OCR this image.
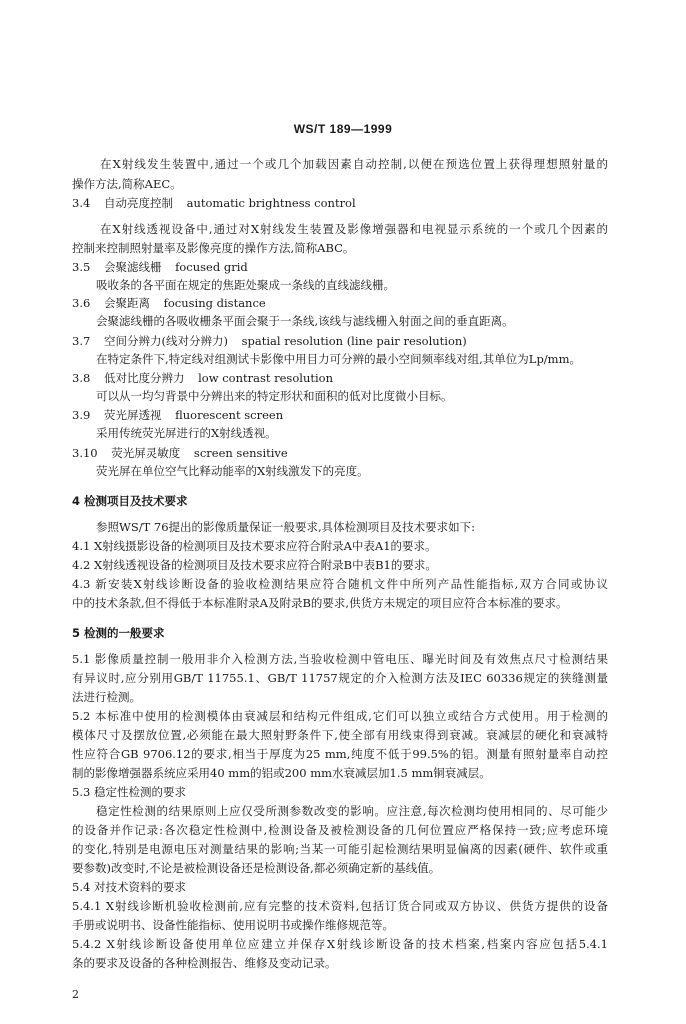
WS/T 189—1999
在X射线发生装置中,通过一个或几个加载因素自动控制,以便在预选位置上获得理想照射量的
操作方法,简称AEC。
3.4 自动亮度控制 automatic brightness control
在X射线透视设备中,通过对X射线发生装置及影像增强器和电视显示系统的一个或几个因素的
控制来控制照射量率及影像亮度的操作方法,简称ABC。
3.5 会聚滤线栅 focused grid
吸收条的各平面在规定的焦距处聚成一条线的直线滤线栅。
3.6 会聚距离 focusing distance
会聚滤线栅的各吸收栅条平面会聚于一条线,该线与滤线栅入射面之间的垂直距离。
3.7 空间分辨力(线对分辨力) spatial resolution (line pair resolution)
在特定条件下,特定线对组测试卡影像中用目力可分辨的最小空间频率线对组,其单位为Lp/mm。
3.8 低对比度分辨力 low contrast resolution
可以从一均匀背景中分辨出来的特定形状和面积的低对比度微小目标。
3.9 荧光屏透视 fluorescent screen
采用传统荧光屏进行的X射线透视。
3.10 荧光屏灵敏度 screen sensitive
荧光屏在单位空气比释动能率的X射线激发下的亮度。
4 检测项目及技术要求
参照WS/T 76提出的影像质量保证一般要求,具体检测项目及技术要求如下:
4.1 X射线摄影设备的检测项目及技术要求应符合附录A中表A1的要求。
4.2 X射线透视设备的检测项目及技术要求应符合附录B中表B1的要求。
4.3 新安装X射线诊断设备的验收检测结果应符合随机文件中所列产品性能指标,双方合同或协议
中的技术条款,但不得低于本标准附录A及附录B的要求,供货方未规定的项目应符合本标准的要求。
5 检测的一般要求
5.1 影像质量控制一般用非介入检测方法,当验收检测中管电压、曝光时间及有效焦点尺寸检测结果
有异议时,应分别用GB/T 11755.1、GB/T 11757规定的介入检测方法及IEC 60336规定的狭缝测量
法进行检测。
5.2 本标准中使用的检测模体由衰减层和结构元件组成,它们可以独立或结合方式使用。用于检测的
模体尺寸及摆放位置,必须能在最大照射野条件下,使全部有用线束得到衰减。衰减层的硬化和衰减特
性应符合GB 9706.12的要求,相当于厚度为25 mm,纯度不低于99.5%的铝。测量有照射量率自动控
制的影像增强器系统应采用40 mm的铝或200 mm水衰减层加1.5 mm铜衰减层。
5.3 稳定性检测的要求
稳定性检测的结果原则上应仅受所测参数改变的影响。应注意,每次检测均使用相同的、尽可能少
的设备并作记录:各次稳定性检测中,检测设备及被检测设备的几何位置应严格保持一致;应考虑环境
的变化,特别是电源电压对测量结果的影响;当某一可能引起检测结果明显偏离的因素(硬件、软件或重
要参数)改变时,不论是被检测设备还是检测设备,都必须确定新的基线值。
5.4 对技术资料的要求
5.4.1 X射线诊断机验收检测前,应有完整的技术资料,包括订货合同或双方协议、供货方提供的设备
手册或说明书、设备性能指标、使用说明书或操作维修规范等。
5.4.2 X射线诊断设备使用单位应建立并保存X射线诊断设备的技术档案,档案内容应包括5.4.1
条的要求及设备的各种检测报告、维修及变动记录。
2
